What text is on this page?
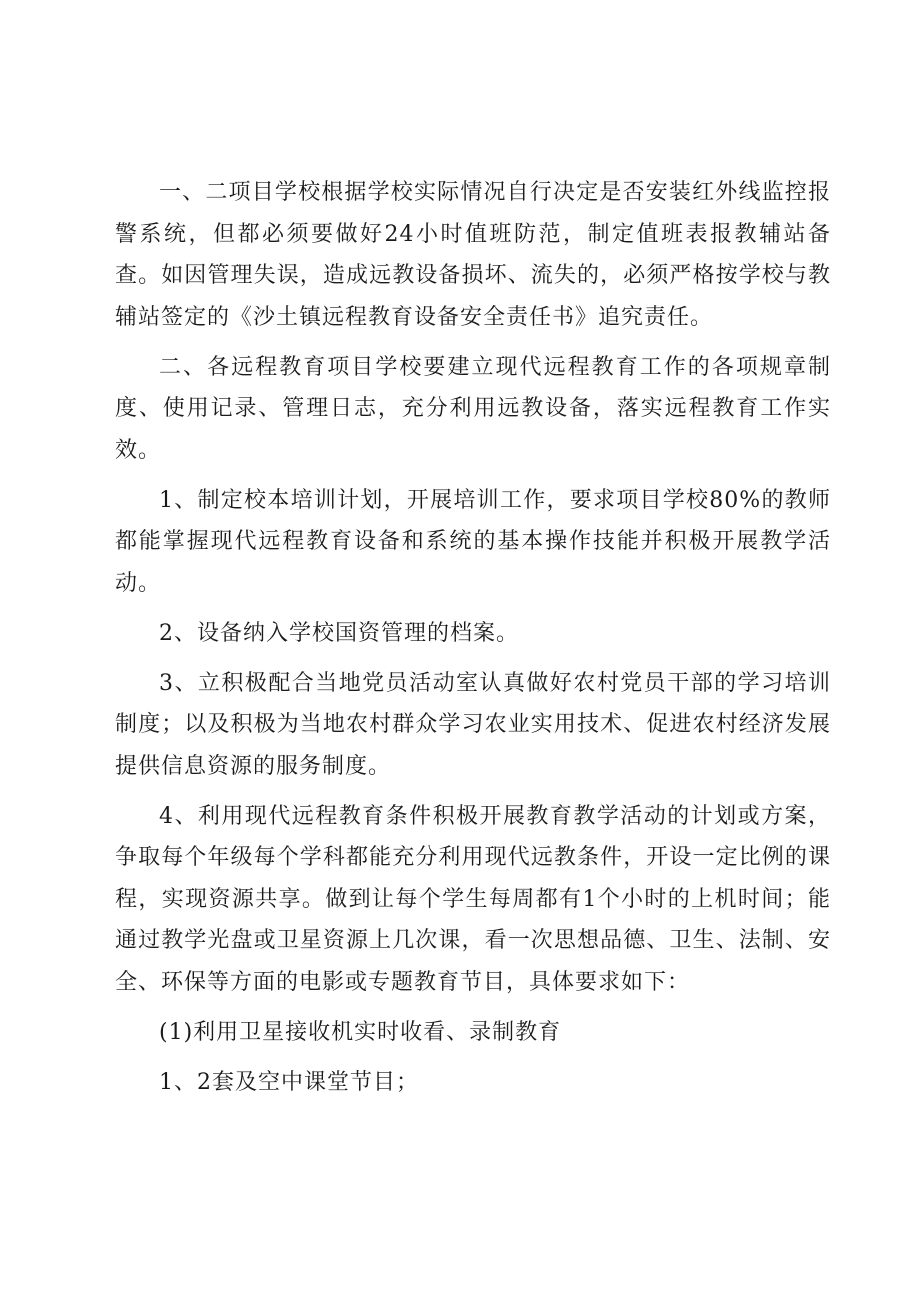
一、二项目学校根据学校实际情况自行决定是否安装红外线监控报警系统，但都必须要做好24小时值班防范，制定值班表报教辅站备查。如因管理失误，造成远教设备损坏、流失的，必须严格按学校与教辅站签定的《沙土镇远程教育设备安全责任书》追究责任。

二、各远程教育项目学校要建立现代远程教育工作的各项规章制度、使用记录、管理日志，充分利用远教设备，落实远程教育工作实效。

1、制定校本培训计划，开展培训工作，要求项目学校80%的教师都能掌握现代远程教育设备和系统的基本操作技能并积极开展教学活动。

2、设备纳入学校国资管理的档案。

3、立积极配合当地党员活动室认真做好农村党员干部的学习培训制度；以及积极为当地农村群众学习农业实用技术、促进农村经济发展提供信息资源的服务制度。

4、利用现代远程教育条件积极开展教育教学活动的计划或方案，争取每个年级每个学科都能充分利用现代远教条件，开设一定比例的课程，实现资源共享。做到让每个学生每周都有1个小时的上机时间；能通过教学光盘或卫星资源上几次课，看一次思想品德、卫生、法制、安全、环保等方面的电影或专题教育节目，具体要求如下：

(1)利用卫星接收机实时收看、录制教育

1、2套及空中课堂节目；
